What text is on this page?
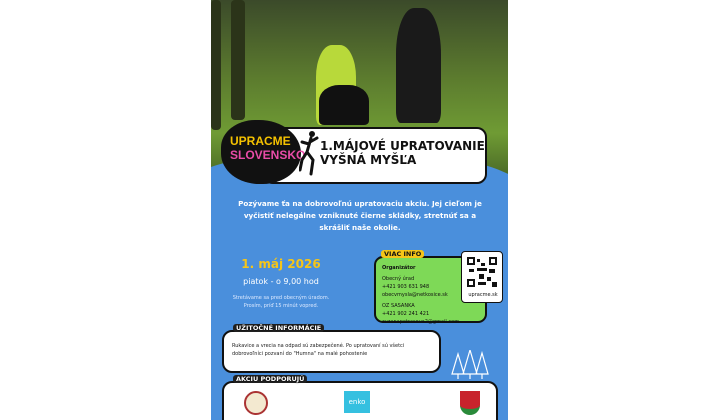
1.MÁJOVÉ UPRATOVANIE
VYŠNÁ MYŠĽA
UPRACME
SLOVENSKO
Pozývame ťa na dobrovoľnú upratovaciu akciu. Jej cieľom je vyčistiť nelegálne vzniknuté čierne skládky, stretnúť sa a skrášliť naše okolie.
1. máj 2026
piatok - o 9,00 hod
Stretávame sa pred obecným úradom. Prosím, príď 15 minút vopred.
Organizátor
Obecný úrad
+421 903 631 948
obecvmysla@netkosice.sk
OZ SASANKA
+421 902 241 421
zuzanapetrasova2@gmail.com
VIAC INFO
upracme.sk
Rukavice a vrecia na odpad sú zabezpečené. Po upratovaní sú všetci dobrovoľníci pozvaní do "Humna" na malé pohostenie
UŽITOČNÉ INFORMÁCIE
enko
AKCIU PODPORUJÚ
